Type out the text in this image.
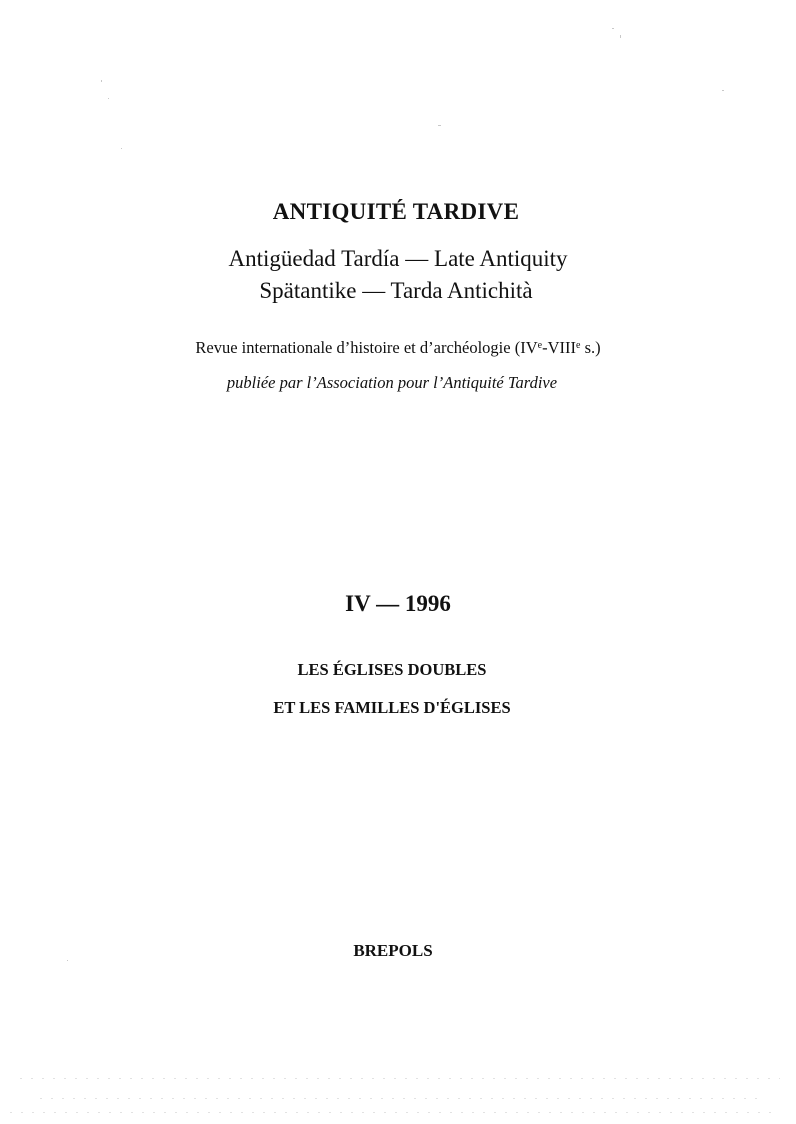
ANTIQUITÉ TARDIVE
Antigüedad Tardía — Late Antiquity
Spätantike — Tarda Antichità
Revue internationale d’histoire et d’archéologie (IVe-VIIIe s.)
publiée par l’Association pour l’Antiquité Tardive
IV — 1996
LES ÉGLISES DOUBLES
ET LES FAMILLES D'ÉGLISES
BREPOLS
